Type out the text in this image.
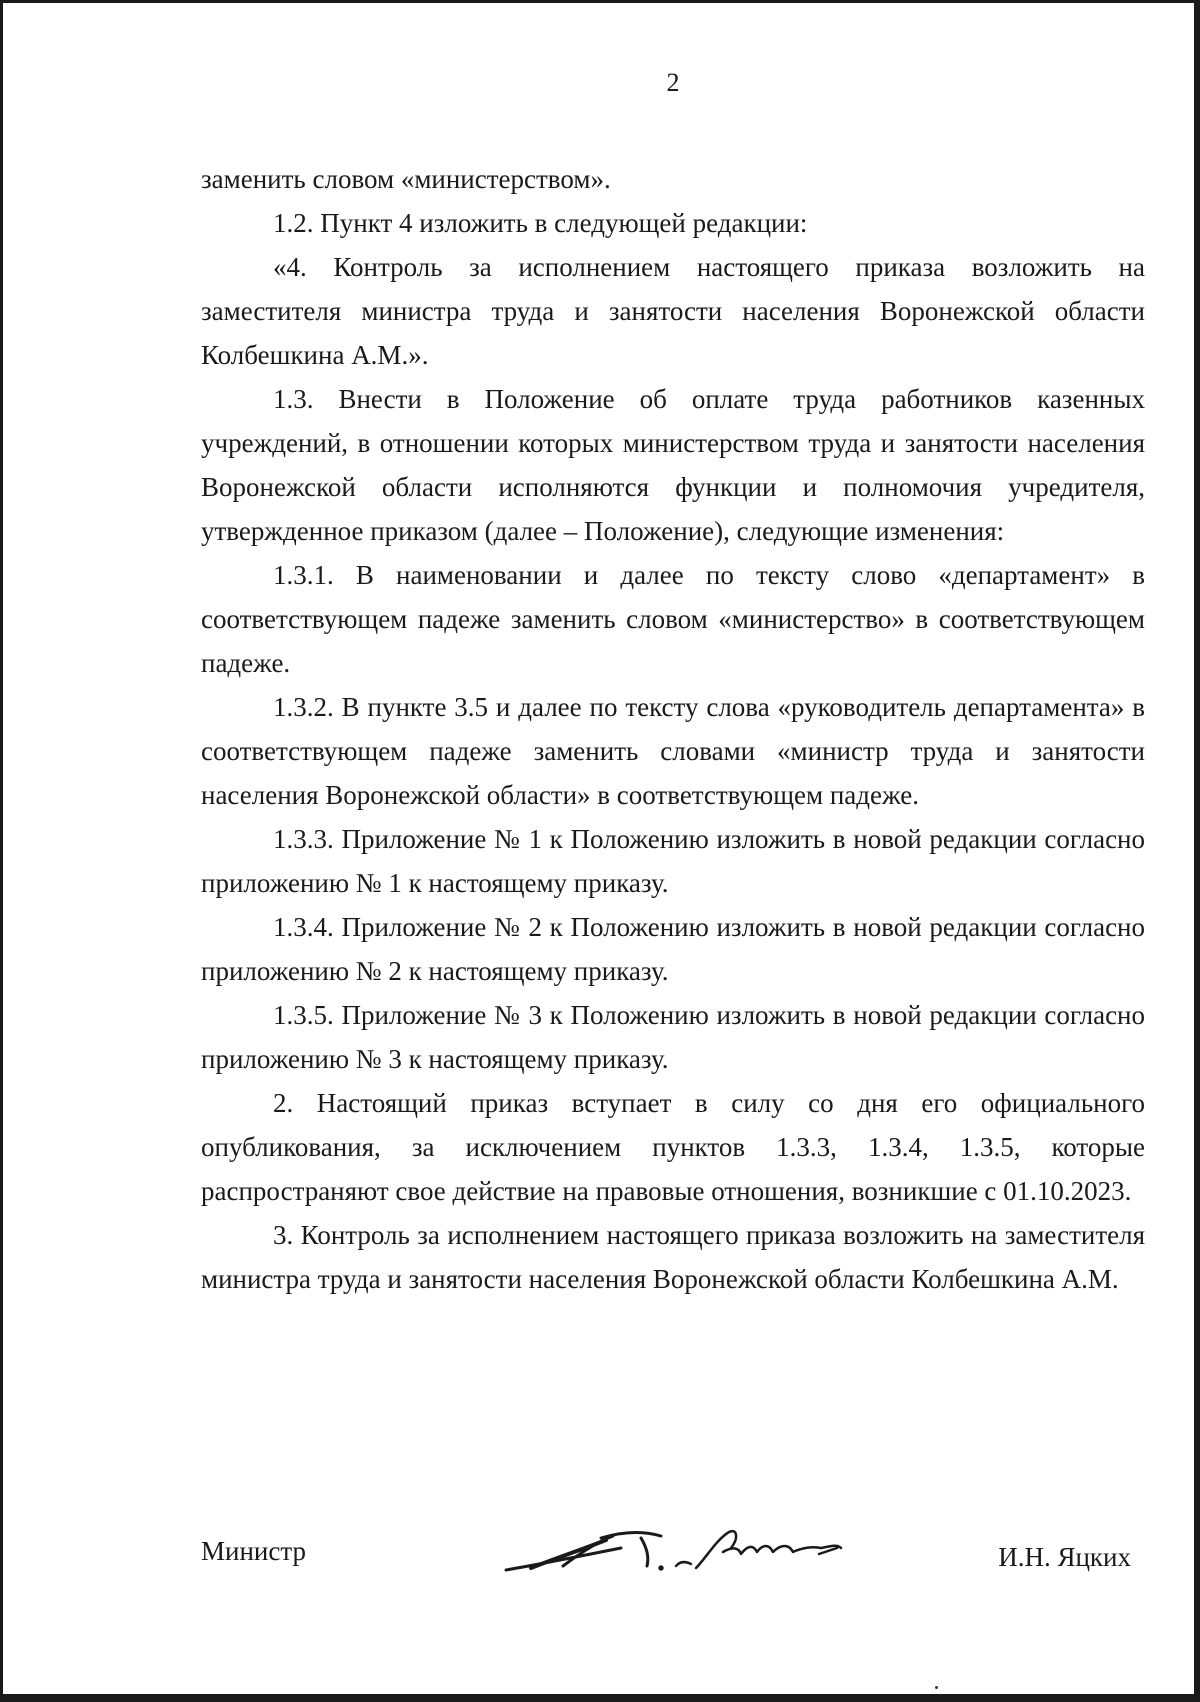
2

заменить словом «министерством».

1.2. Пункт 4 изложить в следующей редакции:

«4. Контроль за исполнением настоящего приказа возложить на заместителя министра труда и занятости населения Воронежской области Колбешкина А.М.».

1.3. Внести в Положение об оплате труда работников казенных учреждений, в отношении которых министерством труда и занятости населения Воронежской области исполняются функции и полномочия учредителя, утвержденное приказом (далее – Положение), следующие изменения:

1.3.1. В наименовании и далее по тексту слово «департамент» в соответствующем падеже заменить словом «министерство» в соответствующем падеже.

1.3.2. В пункте 3.5 и далее по тексту слова «руководитель департамента» в соответствующем падеже заменить словами «министр труда и занятости населения Воронежской области» в соответствующем падеже.

1.3.3. Приложение № 1 к Положению изложить в новой редакции согласно приложению № 1 к настоящему приказу.

1.3.4. Приложение № 2 к Положению изложить в новой редакции согласно приложению № 2 к настоящему приказу.

1.3.5. Приложение № 3 к Положению изложить в новой редакции согласно приложению № 3 к настоящему приказу.

2. Настоящий приказ вступает в силу со дня его официального опубликования, за исключением пунктов 1.3.3, 1.3.4, 1.3.5, которые распространяют свое действие на правовые отношения, возникшие с 01.10.2023.

3. Контроль за исполнением настоящего приказа возложить на заместителя министра труда и занятости населения Воронежской области Колбешкина А.М.

Министр	И.Н. Яцких
